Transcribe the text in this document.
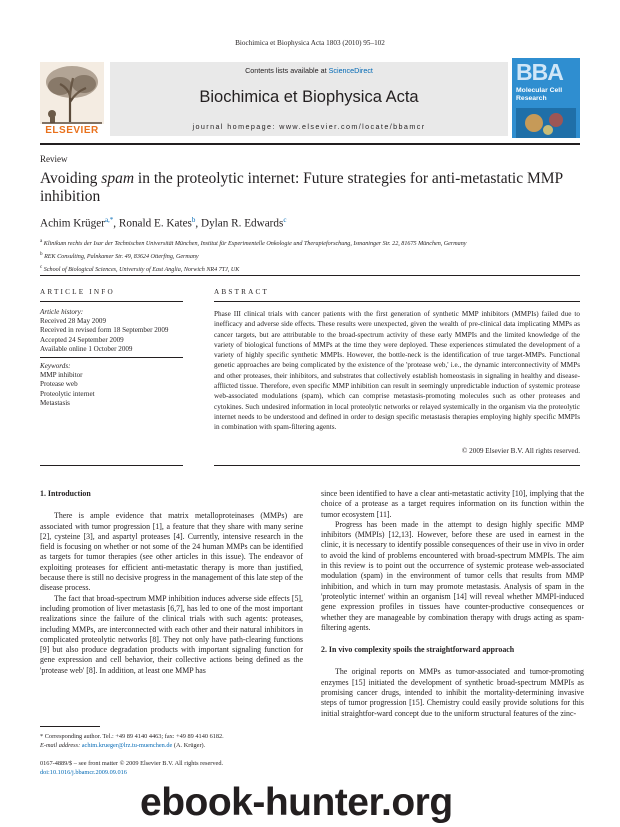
Biochimica et Biophysica Acta 1803 (2010) 95–102
ELSEVIER
Contents lists available at ScienceDirect
Biochimica et Biophysica Acta
journal homepage: www.elsevier.com/locate/bbamcr
BBA
Molecular Cell Research
Review
Avoiding spam in the proteolytic internet: Future strategies for anti-metastatic MMP inhibition
Achim Krüger$^{a,*}$, Ronald E. Kates$^b$, Dylan R. Edwards$^c$
$^a$ Klinikum rechts der Isar der Technischen Universität München, Institut für Experimentelle Onkologie und Therapieforschung, Ismaninger Str. 22, 81675 München, Germany
$^b$ REK Consulting, Palnkamer Str. 49, 83624 Otterfing, Germany
$^c$ School of Biological Sciences, University of East Anglia, Norwich NR4 7TJ, UK
ARTICLE INFO	ABSTRACT
Article history:
Received 28 May 2009
Received in revised form 18 September 2009
Accepted 24 September 2009
Available online 1 October 2009
Keywords:
MMP inhibitor
Protease web
Proteolytic internet
Metastasis
Phase III clinical trials with cancer patients with the first generation of synthetic MMP inhibitors (MMPIs) failed due to inefficacy and adverse side effects. These results were unexpected, given the wealth of pre-clinical data implicating MMPs as cancer targets, but are attributable to the broad-spectrum activity of these early MMPIs and the limited knowledge of the variety of biological functions of MMPs at the time they were deployed. These experiences stimulated the development of a variety of highly specific synthetic MMPIs. However, the bottle-neck is the identification of true target-MMPs. Functional genetic approaches are being complicated by the existence of the 'protease web,' i.e., the dynamic interconnectivity of MMPs and other proteases, their inhibitors, and substrates that collectively establish homeostasis in signaling in healthy and disease-afflicted tissue. Therefore, even specific MMP inhibition can result in seemingly unpredictable induction of systemic protease web-associated modulations (spam), which can comprise metastasis-promoting molecules such as other proteases and cytokines. Such undesired information in local proteolytic networks or relayed systemically in the organism via the proteolytic internet needs to be understood and defined in order to design specific metastasis therapies employing highly specific MMPIs in combination with spam-filtering agents.
© 2009 Elsevier B.V. All rights reserved.
1. Introduction

There is ample evidence that matrix metalloproteinases (MMPs) are associated with tumor progression [1], a feature that they share with many serine [2], cysteine [3], and aspartyl proteases [4]. Currently, intensive research in the field is focusing on whether or not some of the 24 human MMPs can be identified as targets for tumor therapies (see other articles in this issue). The endeavor of exploiting proteases for efficient anti-metastatic therapy is more than justified, because there is still no decisive progress in the management of this late step of the disease process.

The fact that broad-spectrum MMP inhibition induces adverse side effects [5], including promotion of liver metastasis [6,7], has led to one of the most important realizations since the failure of the clinical trials with such agents: proteases, including MMPs, are interconnected with each other and their natural inhibitors in complicated proteolytic networks [8]. They not only have path-clearing functions [9] but also produce degradation products with important signaling function for gene expression and cell behavior, their collective actions being defined as the 'protease web' [8]. In addition, at least one MMP has

since been identified to have a clear anti-metastatic activity [10], implying that the choice of a protease as a target requires information on its function within the tumor ecosystem [11].

Progress has been made in the attempt to design highly specific MMP inhibitors (MMPIs) [12,13]. However, before these are used in earnest in the clinic, it is necessary to identify possible consequences of their use in vivo in order to avoid the kind of problems encountered with broad-spectrum MMPIs. The aim in this review is to point out the occurrence of systemic protease web-associated modulation (spam) in the environment of tumor cells that results from MMP inhibition, and which in turn may promote metastasis. Analysis of spam in the 'proteolytic internet' within an organism [14] will reveal whether MMPI-induced gene expression profiles in tissues have counter-productive consequences or whether they are manageable by combination therapy with drugs acting as spam-filtering agents.

2. In vivo complexity spoils the straightforward approach

The original reports on MMPs as tumor-associated and tumor-promoting enzymes [15] initiated the development of synthetic broad-spectrum MMPIs as promising cancer drugs, intended to inhibit the mortality-determining invasive steps of tumor progression [15]. Chemistry could easily provide solutions for this initial straightfor-ward concept due to the uniform structural features of the zinc-

* Corresponding author. Tel.: +49 89 4140 4463; fax: +49 89 4140 6182.
E-mail address: achim.krueger@lrz.tu-muenchen.de (A. Krüger).
0167-4889/$ – see front matter © 2009 Elsevier B.V. All rights reserved.
doi:10.1016/j.bbamcr.2009.09.016
ebook-hunter.org
